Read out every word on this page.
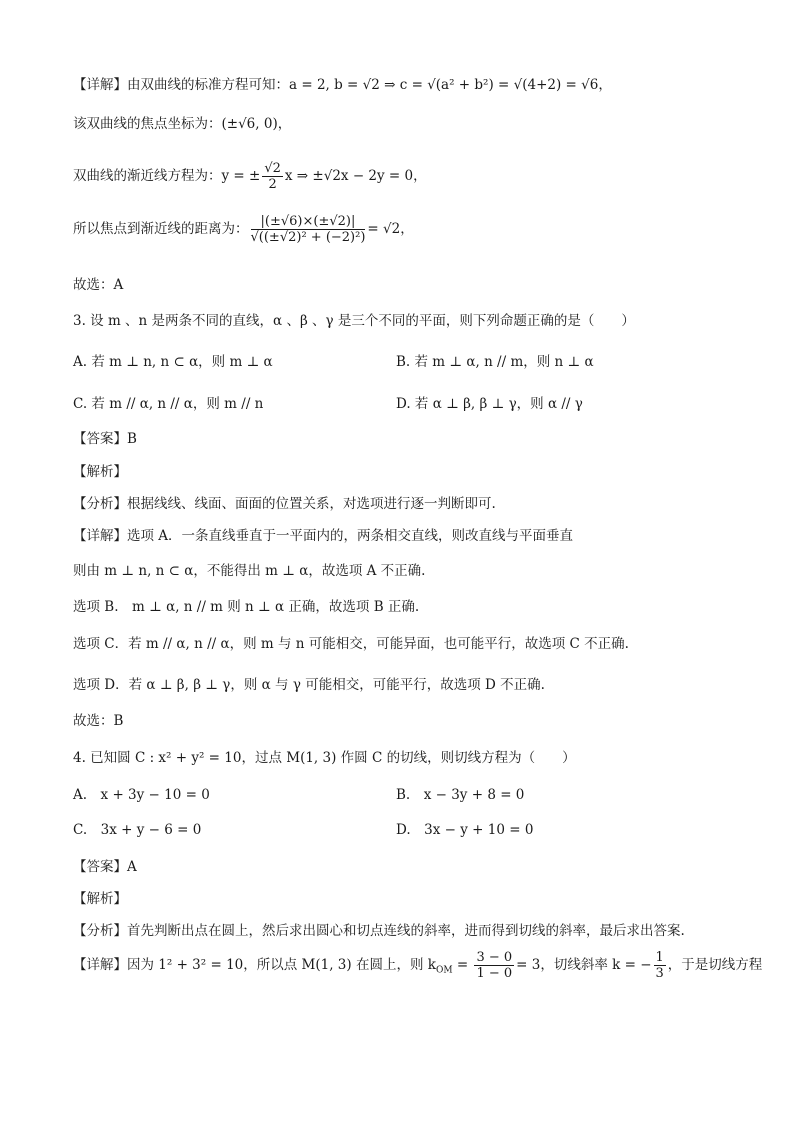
【详解】由双曲线的标准方程可知：a = 2, b = √2 ⇒ c = √(a² + b²) = √(4+2) = √6，
该双曲线的焦点坐标为：(±√6, 0)，
双曲线的渐近线方程为：y = ± $\frac{√2}{2}$ x ⇒ ±√2x − 2y = 0，
所以焦点到渐近线的距离为： $\frac{|(\pm√6)\times(\pm√2)|}{\text{√((±√2)² + (−2)²)}} = √2$，
故选：A
3. 设 m 、n 是两条不同的直线，α 、β 、γ 是三个不同的平面，则下列命题正确的是（　　）
A. 若 m ⊥ n, n ⊂ α，则 m ⊥ α	B. 若 m ⊥ α, n // m，则 n ⊥ α
C. 若 m // α, n // α，则 m // n	D. 若 α ⊥ β, β ⊥ γ，则 α // γ
【答案】B
【解析】
【分析】根据线线、线面、面面的位置关系，对选项进行逐一判断即可.
【详解】选项 A．一条直线垂直于一平面内的，两条相交直线，则改直线与平面垂直
则由 m ⊥ n, n ⊂ α，不能得出 m ⊥ α，故选项 A 不正确.
选项 B.　m ⊥ α, n // m 则 n ⊥ α 正确，故选项 B 正确.
选项 C．若 m // α, n // α，则 m 与 n 可能相交，可能异面，也可能平行，故选项 C 不正确.
选项 D．若 α ⊥ β, β ⊥ γ，则 α 与 γ 可能相交，可能平行，故选项 D 不正确.
故选：B
4. 已知圆 C : x² + y² = 10，过点 M(1, 3) 作圆 C 的切线，则切线方程为（　　）
A.　x + 3y − 10 = 0	B.　x − 3y + 8 = 0
C.　3x + y − 6 = 0	D.　3x − y + 10 = 0
【答案】A
【解析】
【分析】首先判断出点在圆上，然后求出圆心和切点连线的斜率，进而得到切线的斜率，最后求出答案.
【详解】因为 1² + 3² = 10，所以点 M(1, 3) 在圆上，则 $k_{OM} = \frac{3 - 0}{1 - 0} = 3$，切线斜率 k = − $\frac{1}{3}$ ，于是切线方程
